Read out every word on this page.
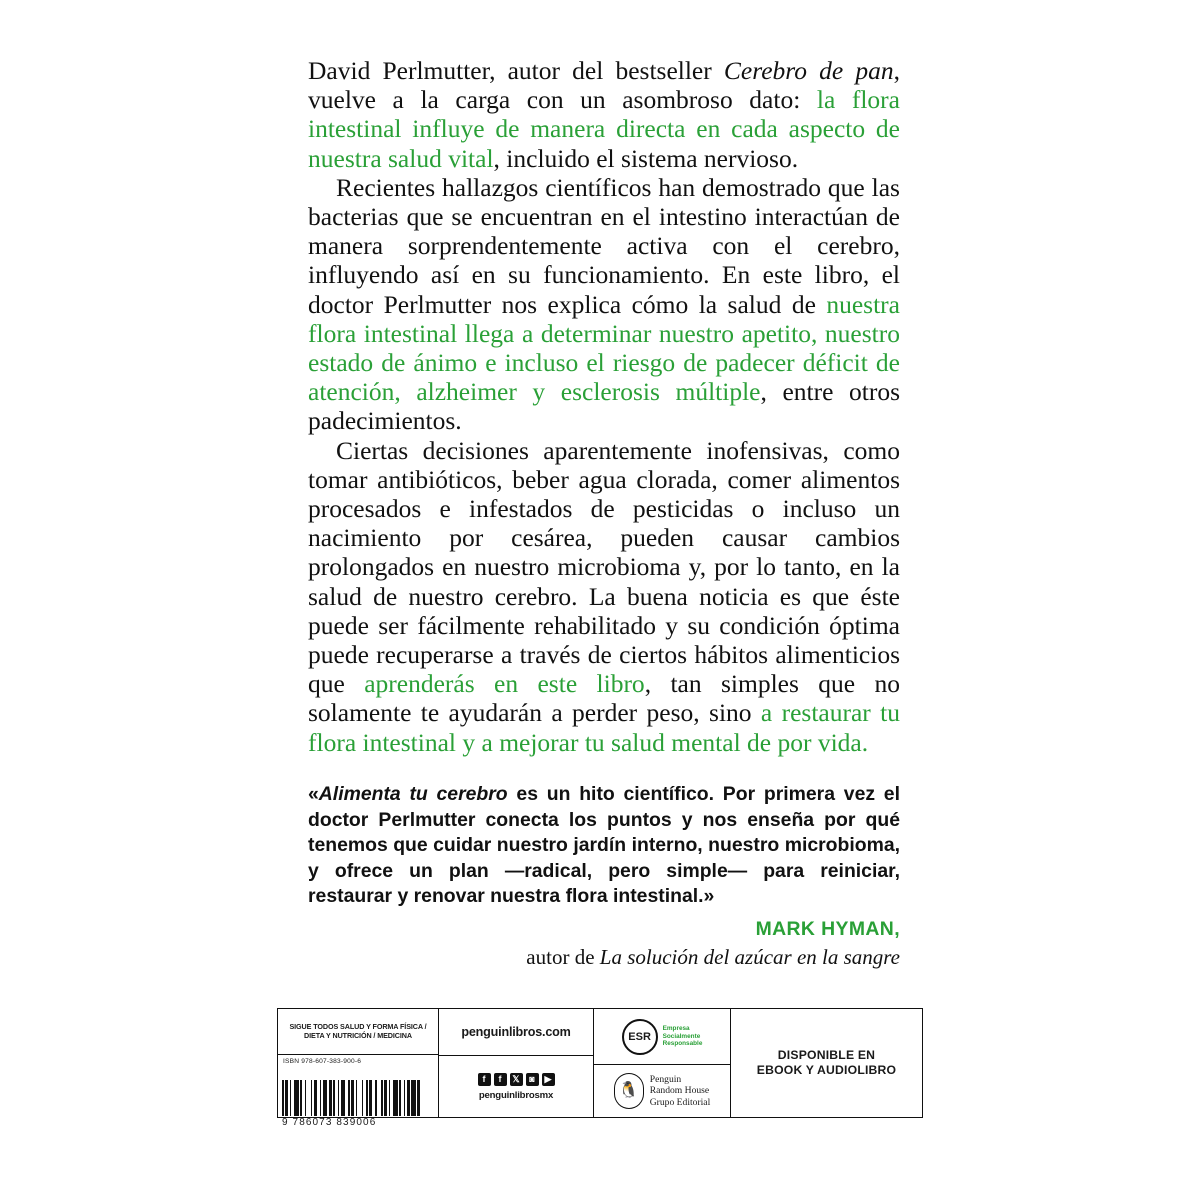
David Perlmutter, autor del bestseller Cerebro de pan, vuelve a la carga con un asombroso dato: la flora intestinal influye de manera directa en cada aspecto de nuestra salud vital, incluido el sistema nervioso.

Recientes hallazgos científicos han demostrado que las bacterias que se encuentran en el intestino interactúan de manera sorprendentemente activa con el cerebro, influyendo así en su funcionamiento. En este libro, el doctor Perlmutter nos explica cómo la salud de nuestra flora intestinal llega a determinar nuestro apetito, nuestro estado de ánimo e incluso el riesgo de padecer déficit de atención, alzheimer y esclerosis múltiple, entre otros padecimientos.

Ciertas decisiones aparentemente inofensivas, como tomar antibióticos, beber agua clorada, comer alimentos procesados e infestados de pesticidas o incluso un nacimiento por cesárea, pueden causar cambios prolongados en nuestro microbioma y, por lo tanto, en la salud de nuestro cerebro. La buena noticia es que éste puede ser fácilmente rehabilitado y su condición óptima puede recuperarse a través de ciertos hábitos alimenticios que aprenderás en este libro, tan simples que no solamente te ayudarán a perder peso, sino a restaurar tu flora intestinal y a mejorar tu salud mental de por vida.

«Alimenta tu cerebro es un hito científico. Por primera vez el doctor Perlmutter conecta los puntos y nos enseña por qué tenemos que cuidar nuestro jardín interno, nuestro microbioma, y ofrece un plan —radical, pero simple— para reiniciar, restaurar y renovar nuestra flora intestinal.»
MARK HYMAN,
autor de La solución del azúcar en la sangre
SIGUE TODOS SALUD Y FORMA FÍSICA /
DIETA Y NUTRICIÓN / MEDICINA
ISBN 978-607-383-900-6
penguinlibros.com
f	f	𝕏	◙	▶
penguinlibrosmx
ESR
Empresa
Socialmente
Responsable
🐧
Penguin
Random House
Grupo Editorial
DISPONIBLE EN
EBOOK Y AUDIOLIBRO
9 786073 839006
